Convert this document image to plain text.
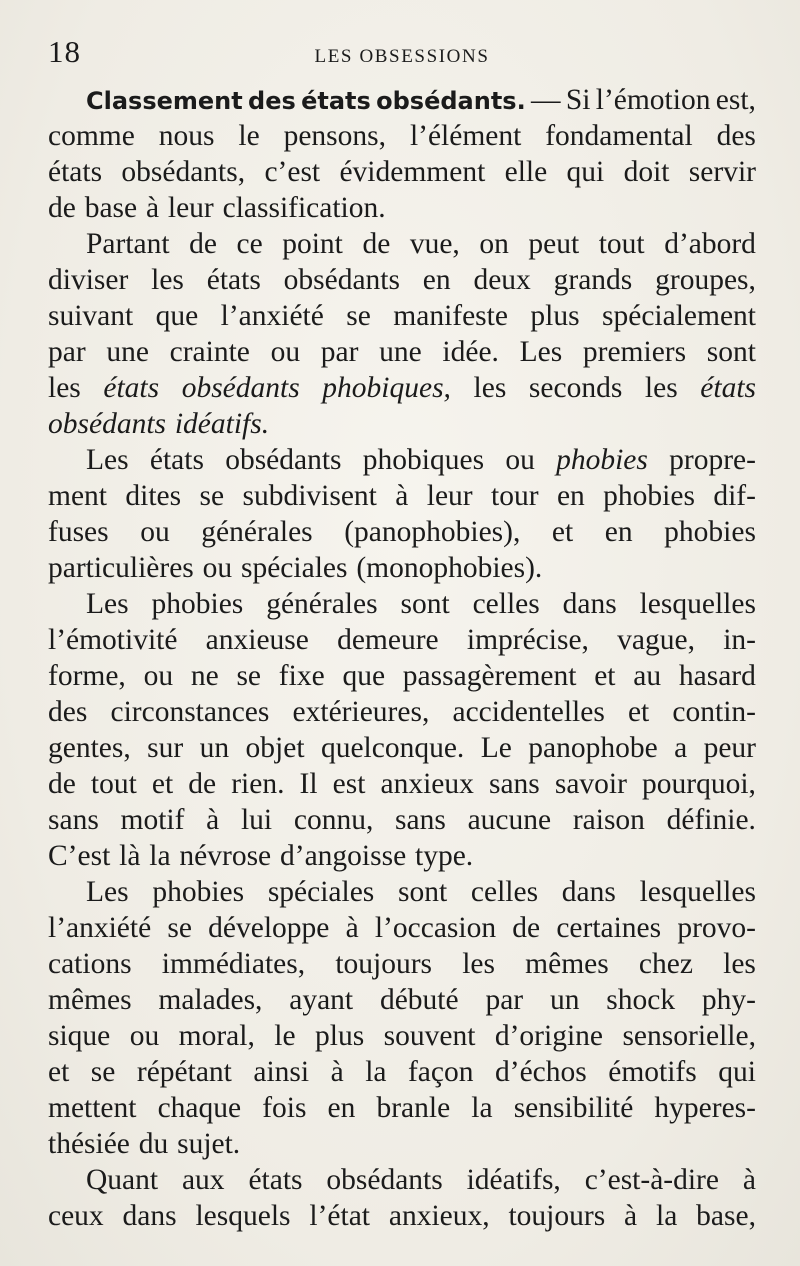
18	LES OBSESSIONS
Classement des états obsédants. — Si l’émotion est,
comme nous le pensons, l’élément fondamental des
états obsédants, c’est évidemment elle qui doit servir
de base à leur classification.
Partant de ce point de vue, on peut tout d’abord
diviser les états obsédants en deux grands groupes,
suivant que l’anxiété se manifeste plus spécialement
par une crainte ou par une idée. Les premiers sont
les états obsédants phobiques, les seconds les états
obsédants idéatifs.
Les états obsédants phobiques ou phobies propre-
ment dites se subdivisent à leur tour en phobies dif-
fuses ou générales (panophobies), et en phobies
particulières ou spéciales (monophobies).
Les phobies générales sont celles dans lesquelles
l’émotivité anxieuse demeure imprécise, vague, in-
forme, ou ne se fixe que passagèrement et au hasard
des circonstances extérieures, accidentelles et contin-
gentes, sur un objet quelconque. Le panophobe a peur
de tout et de rien. Il est anxieux sans savoir pourquoi,
sans motif à lui connu, sans aucune raison définie.
C’est là la névrose d’angoisse type.
Les phobies spéciales sont celles dans lesquelles
l’anxiété se développe à l’occasion de certaines provo-
cations immédiates, toujours les mêmes chez les
mêmes malades, ayant débuté par un shock phy-
sique ou moral, le plus souvent d’origine sensorielle,
et se répétant ainsi à la façon d’échos émotifs qui
mettent chaque fois en branle la sensibilité hyperes-
thésiée du sujet.
Quant aux états obsédants idéatifs, c’est-à-dire à
ceux dans lesquels l’état anxieux, toujours à la base,
